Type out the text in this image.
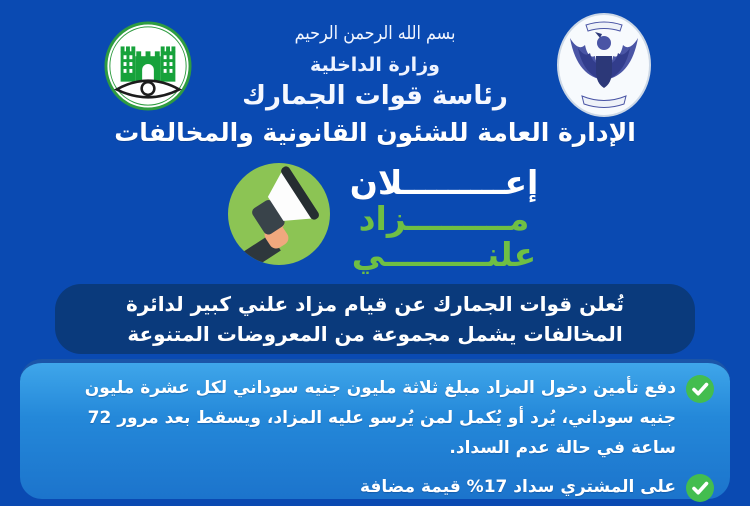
بسم الله الرحمن الرحيم
وزارة الداخلية
رئاسة قوات الجمارك
الإدارة العامة للشئون القانونية والمخالفات
إعـــــــــلان
مـــــــــزاد
علنـــــــــي
تُعلن قوات الجمارك عن قيام مزاد علني كبير لدائرة المخالفات يشمل مجموعة من المعروضات المتنوعة
دفع تأمين دخول المزاد مبلغ ثلاثة مليون جنيه سوداني لكل عشرة مليون جنيه سوداني، يُرد أو يُكمل لمن يُرسو عليه المزاد، ويسقط بعد مرور 72 ساعة في حالة عدم السداد.
على المشتري سداد 17% قيمة مضافة
